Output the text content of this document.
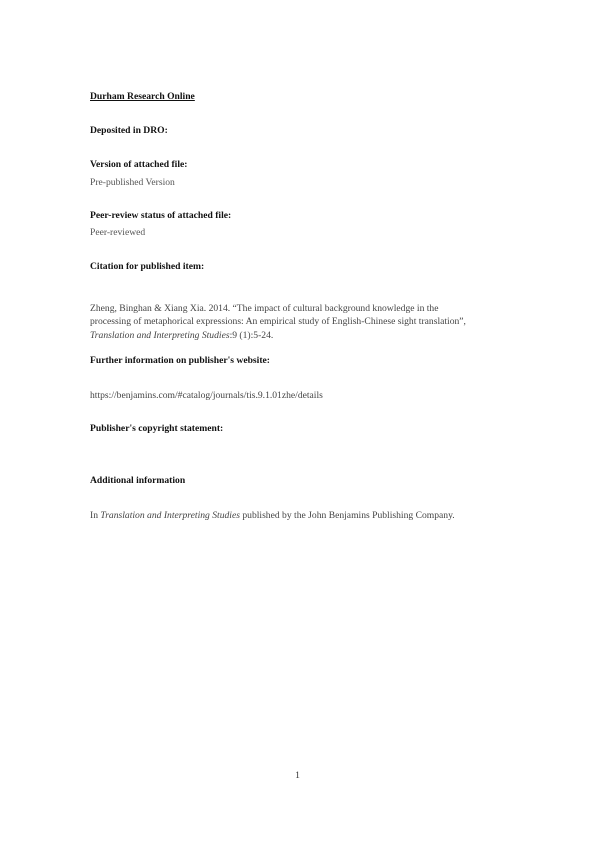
Durham Research Online
Deposited in DRO:
Version of attached file:
Pre-published Version
Peer-review status of attached file:
Peer-reviewed
Citation for published item:
Zheng, Binghan & Xiang Xia. 2014. “The impact of cultural background knowledge in the
processing of metaphorical expressions: An empirical study of English-Chinese sight translation”,
Translation and Interpreting Studies:9 (1):5-24.
Further information on publisher's website:
https://benjamins.com/#catalog/journals/tis.9.1.01zhe/details
Publisher's copyright statement:
Additional information
In Translation and Interpreting Studies published by the John Benjamins Publishing Company.
1
